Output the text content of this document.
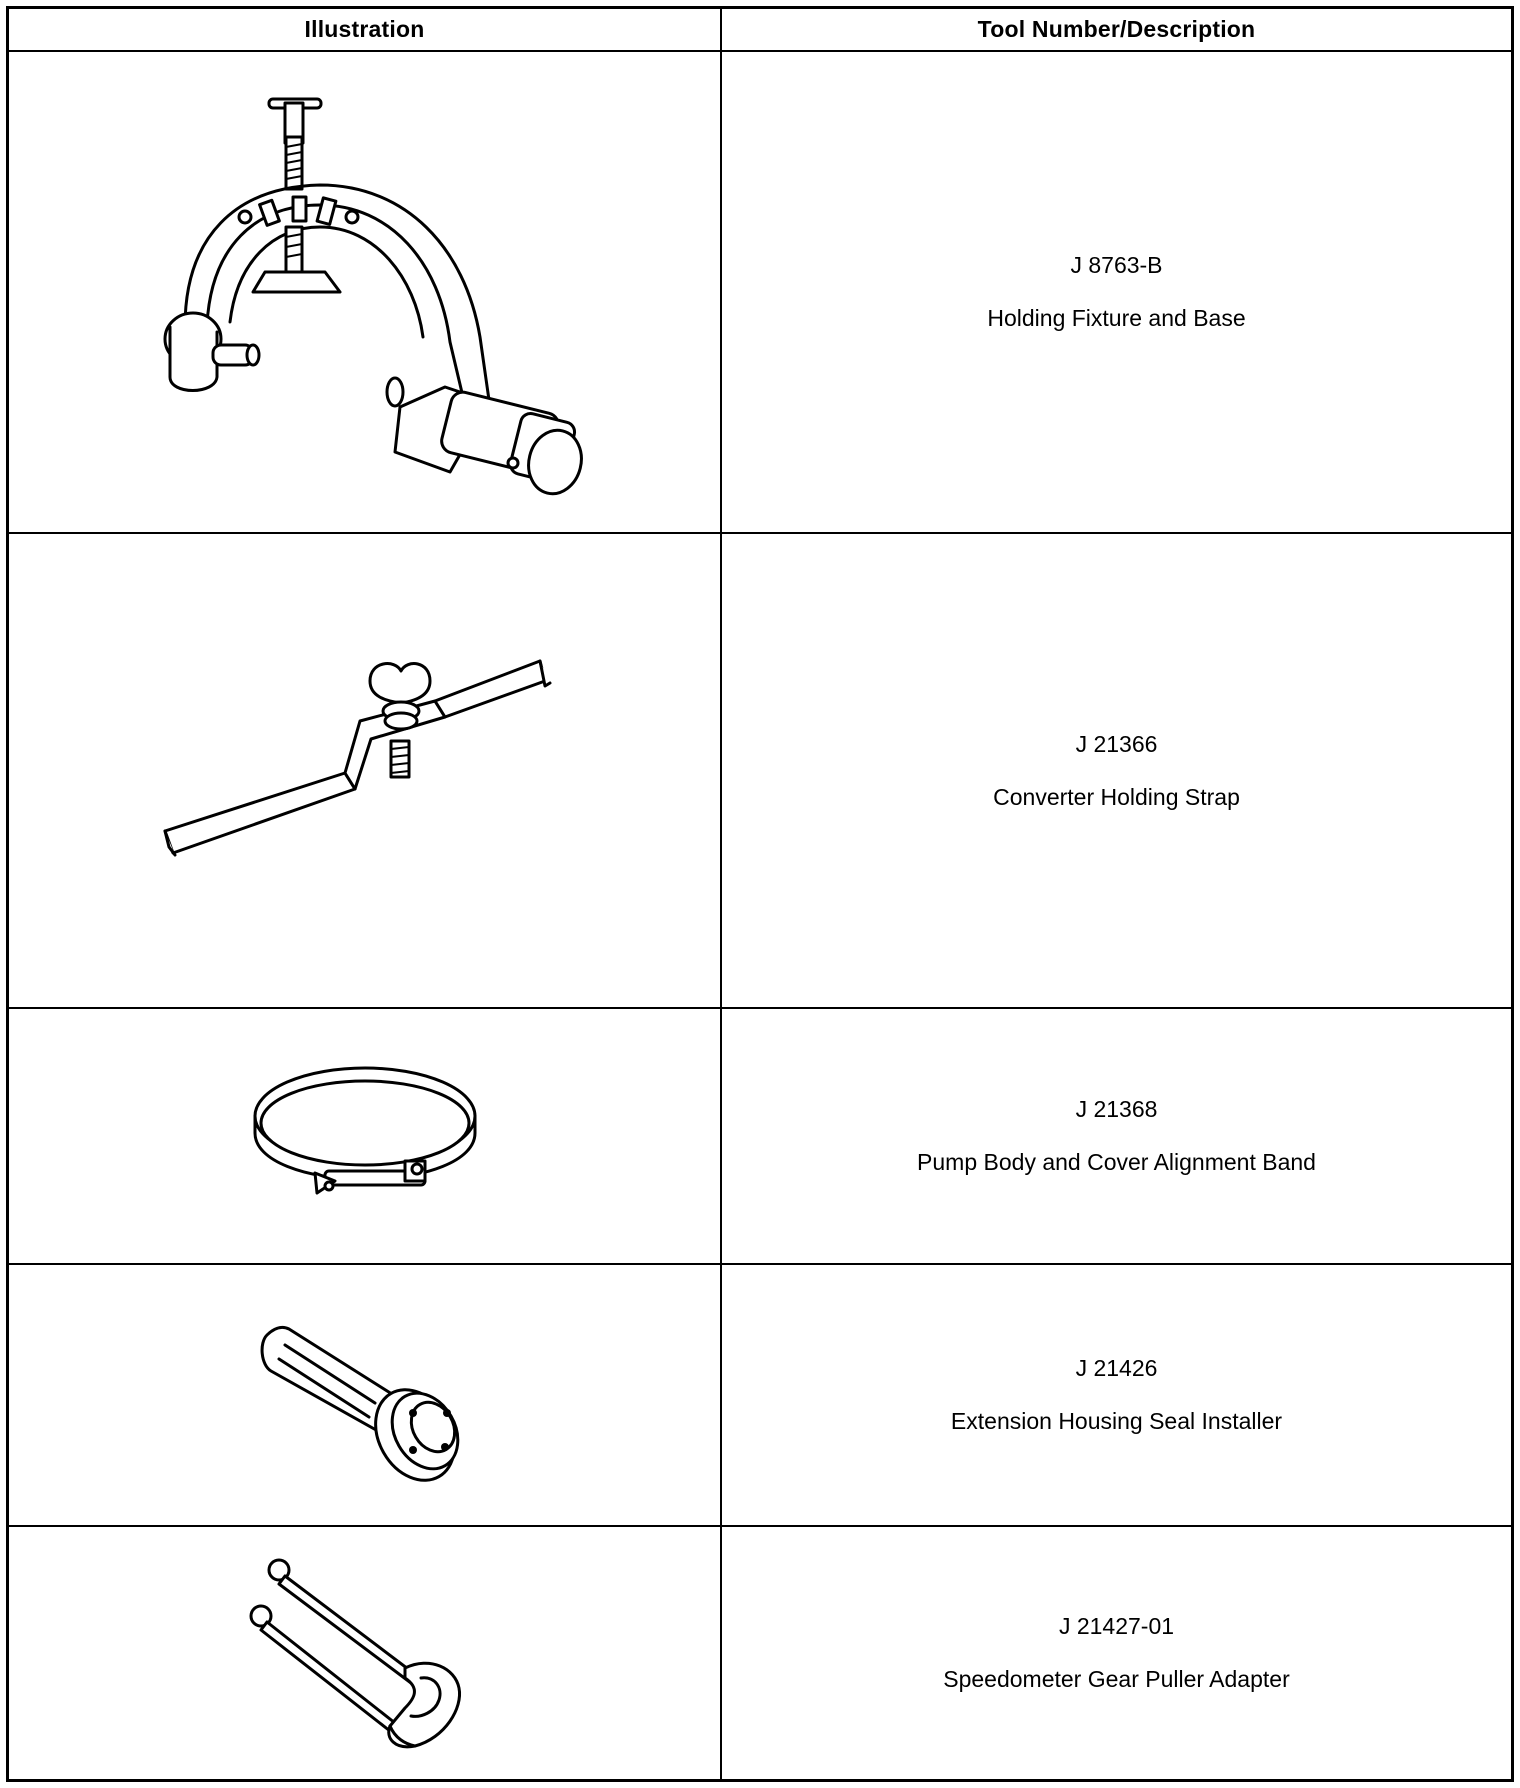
Illustration	Tool Number/Description
J 8763-B
Holding Fixture and Base
J 21366
Converter Holding Strap
J 21368
Pump Body and Cover Alignment Band
J 21426
Extension Housing Seal Installer
J 21427-01
Speedometer Gear Puller Adapter
